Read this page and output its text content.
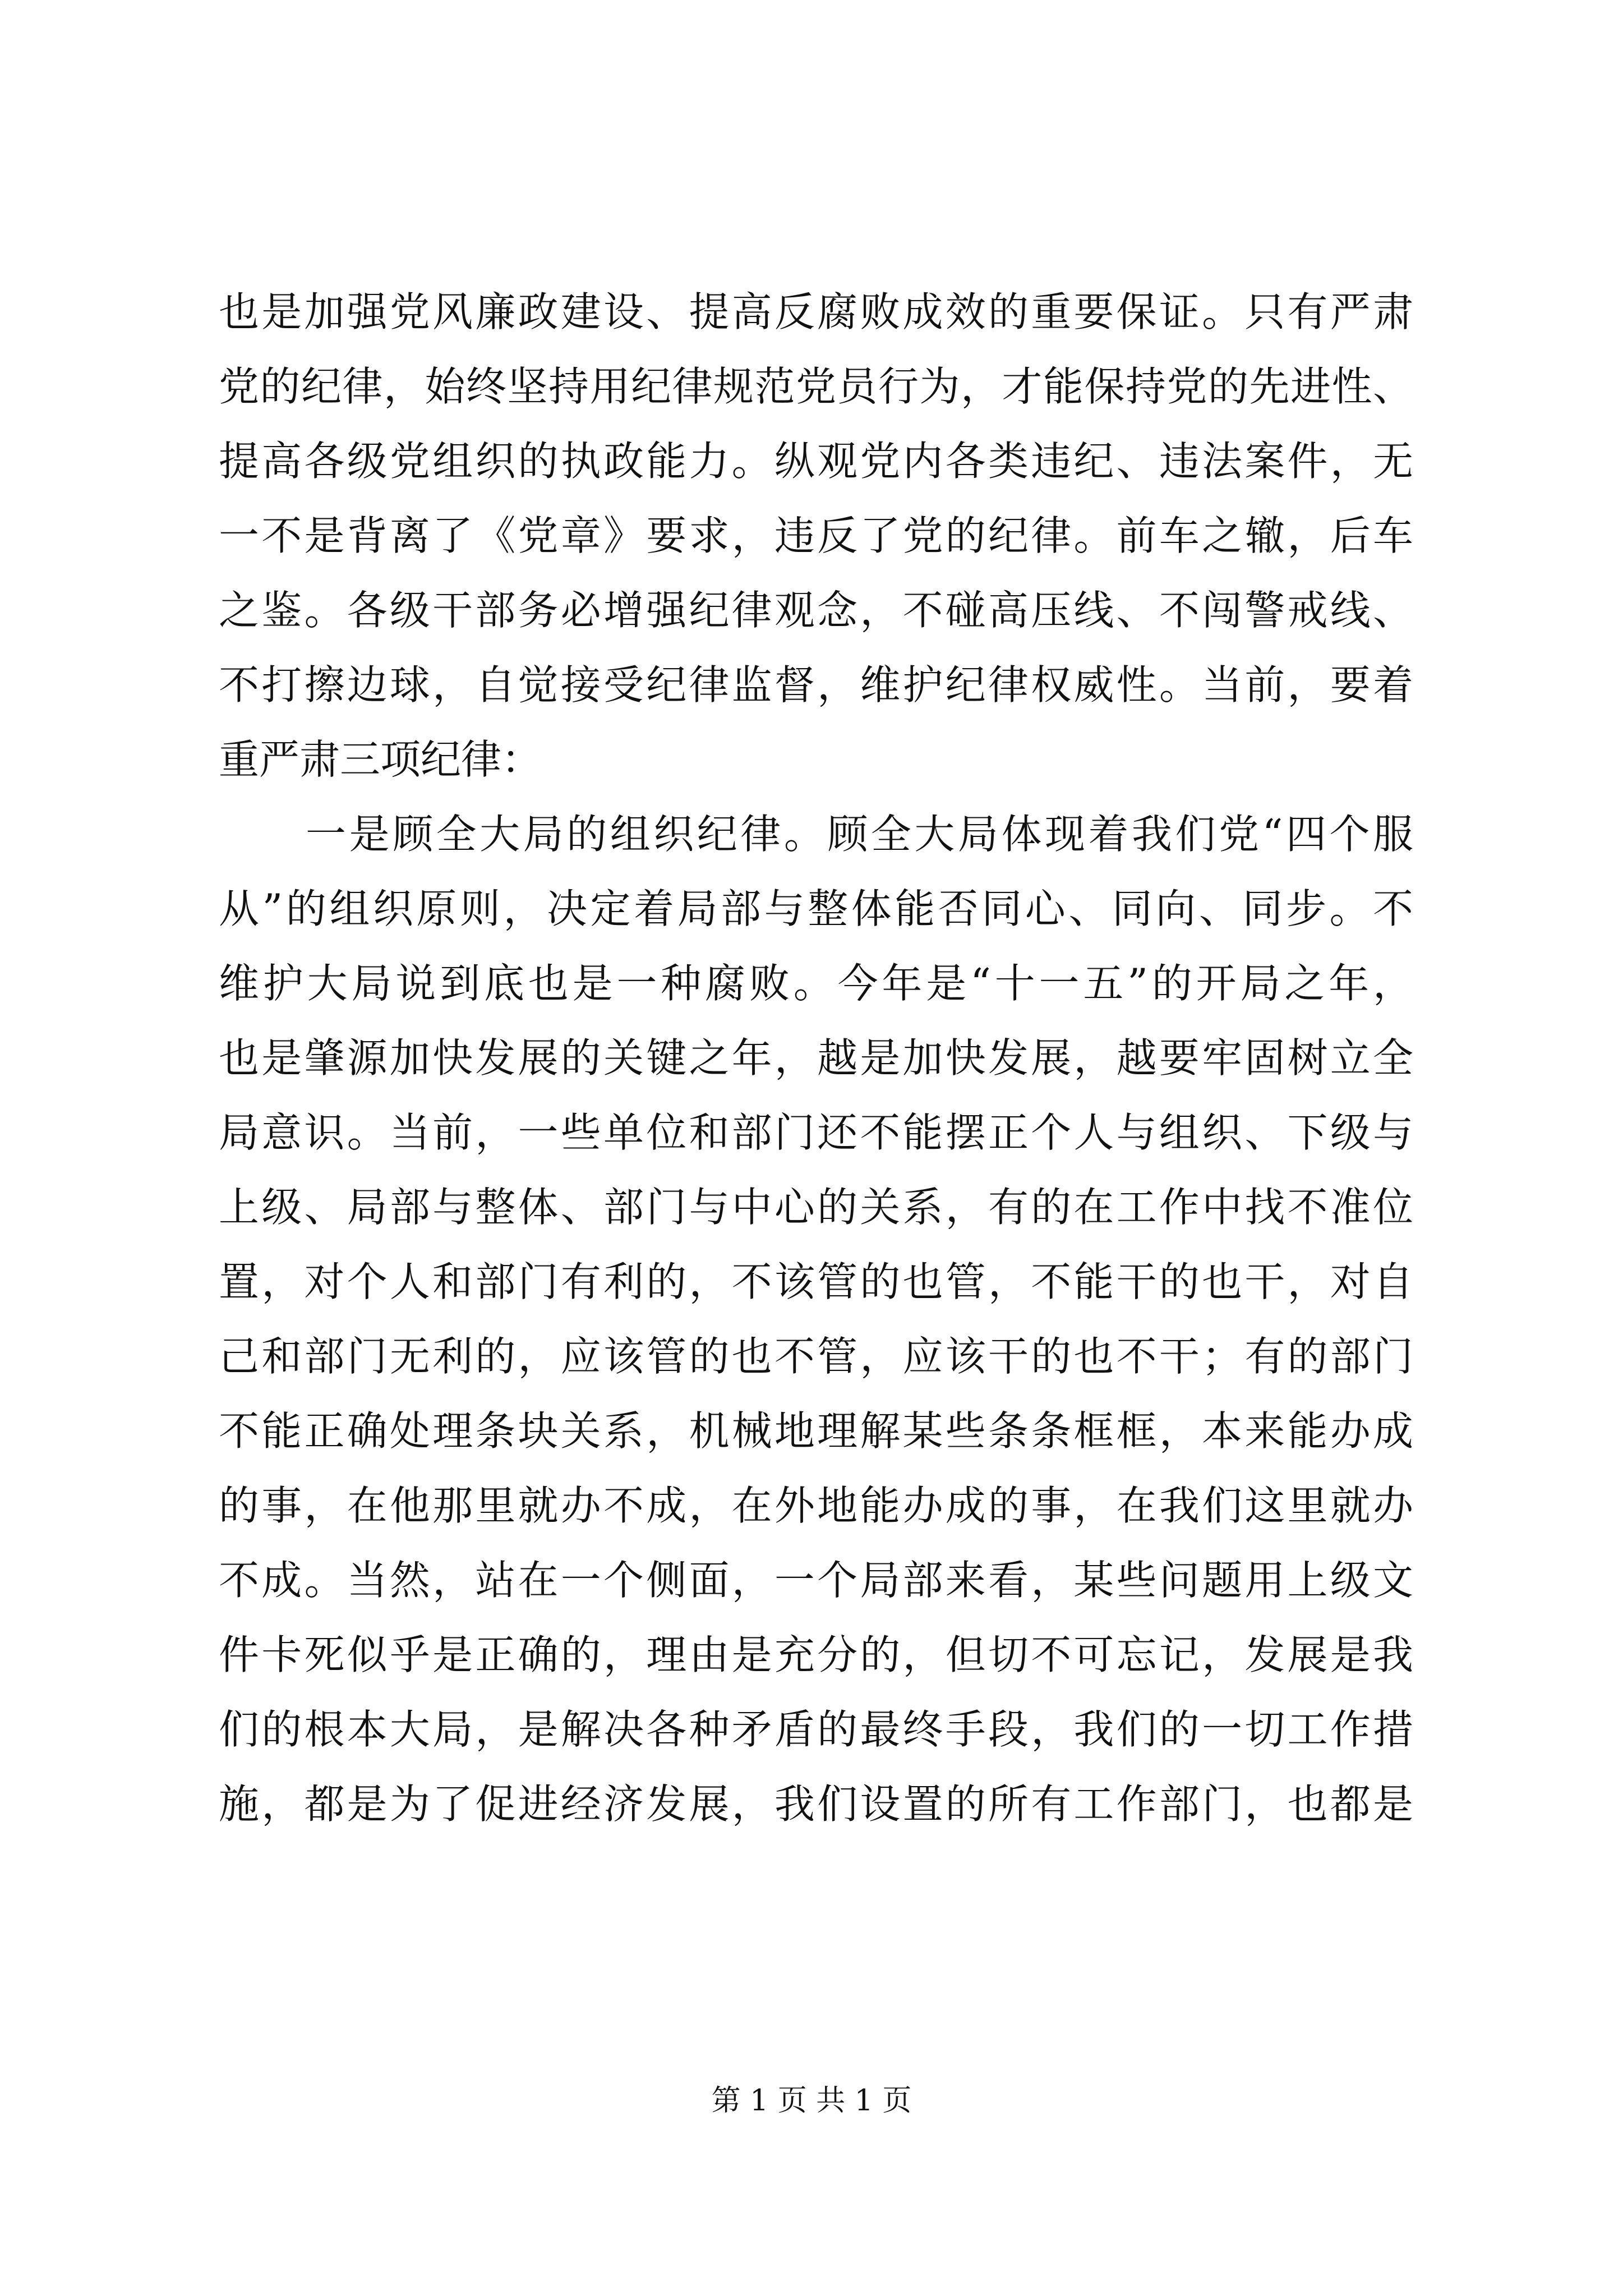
也是加强党风廉政建设、提高反腐败成效的重要保证。只有严肃
党的纪律，始终坚持用纪律规范党员行为，才能保持党的先进性、
提高各级党组织的执政能力。纵观党内各类违纪、违法案件，无
一不是背离了《党章》要求，违反了党的纪律。前车之辙，后车
之鉴。各级干部务必增强纪律观念，不碰高压线、不闯警戒线、
不打擦边球，自觉接受纪律监督，维护纪律权威性。当前，要着
重严肃三项纪律：
　　一是顾全大局的组织纪律。顾全大局体现着我们党“四个服
从”的组织原则，决定着局部与整体能否同心、同向、同步。不
维护大局说到底也是一种腐败。今年是“十一五”的开局之年，
也是肇源加快发展的关键之年，越是加快发展，越要牢固树立全
局意识。当前，一些单位和部门还不能摆正个人与组织、下级与
上级、局部与整体、部门与中心的关系，有的在工作中找不准位
置，对个人和部门有利的，不该管的也管，不能干的也干，对自
己和部门无利的，应该管的也不管，应该干的也不干；有的部门
不能正确处理条块关系，机械地理解某些条条框框，本来能办成
的事，在他那里就办不成，在外地能办成的事，在我们这里就办
不成。当然，站在一个侧面，一个局部来看，某些问题用上级文
件卡死似乎是正确的，理由是充分的，但切不可忘记，发展是我
们的根本大局，是解决各种矛盾的最终手段，我们的一切工作措
施，都是为了促进经济发展，我们设置的所有工作部门，也都是
第 1 页 共 1 页
